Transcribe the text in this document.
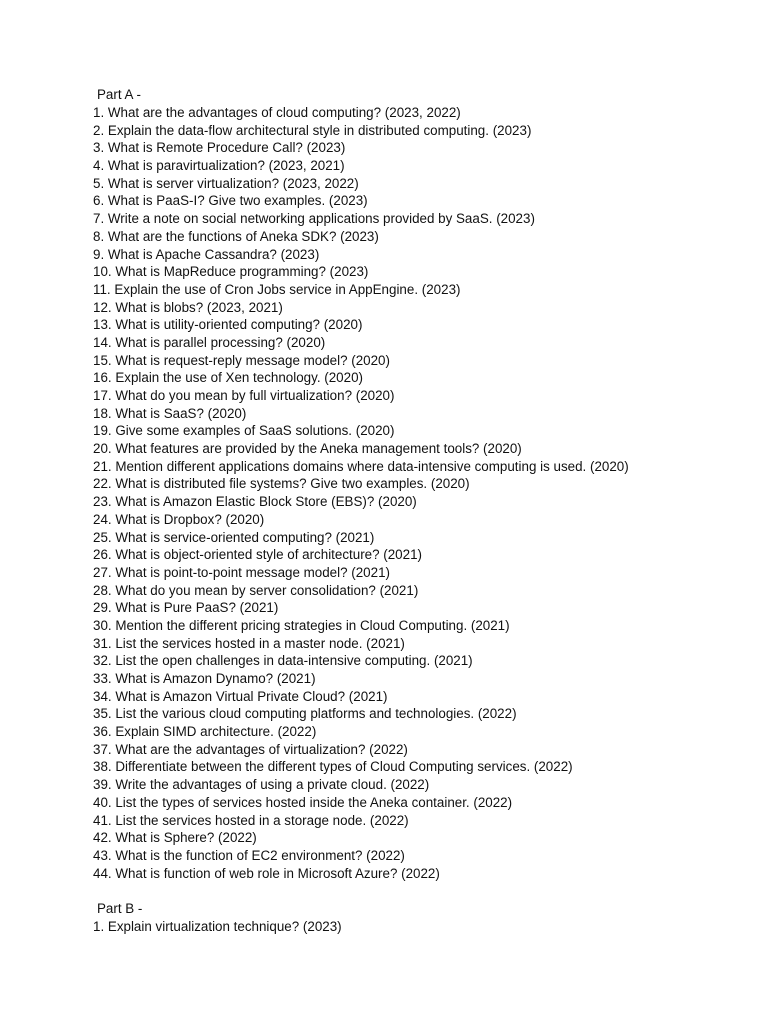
Part A -
1. What are the advantages of cloud computing? (2023, 2022)
2. Explain the data-flow architectural style in distributed computing. (2023)
3. What is Remote Procedure Call? (2023)
4. What is paravirtualization? (2023, 2021)
5. What is server virtualization? (2023, 2022)
6. What is PaaS-I? Give two examples. (2023)
7. Write a note on social networking applications provided by SaaS. (2023)
8. What are the functions of Aneka SDK? (2023)
9. What is Apache Cassandra? (2023)
10. What is MapReduce programming? (2023)
11. Explain the use of Cron Jobs service in AppEngine. (2023)
12. What is blobs? (2023, 2021)
13. What is utility-oriented computing? (2020)
14. What is parallel processing? (2020)
15. What is request-reply message model? (2020)
16. Explain the use of Xen technology. (2020)
17. What do you mean by full virtualization? (2020)
18. What is SaaS? (2020)
19. Give some examples of SaaS solutions. (2020)
20. What features are provided by the Aneka management tools? (2020)
21. Mention different applications domains where data-intensive computing is used. (2020)
22. What is distributed file systems? Give two examples. (2020)
23. What is Amazon Elastic Block Store (EBS)? (2020)
24. What is Dropbox? (2020)
25. What is service-oriented computing? (2021)
26. What is object-oriented style of architecture? (2021)
27. What is point-to-point message model? (2021)
28. What do you mean by server consolidation? (2021)
29. What is Pure PaaS? (2021)
30. Mention the different pricing strategies in Cloud Computing. (2021)
31. List the services hosted in a master node. (2021)
32. List the open challenges in data-intensive computing. (2021)
33. What is Amazon Dynamo? (2021)
34. What is Amazon Virtual Private Cloud? (2021)
35. List the various cloud computing platforms and technologies. (2022)
36. Explain SIMD architecture. (2022)
37. What are the advantages of virtualization? (2022)
38. Differentiate between the different types of Cloud Computing services. (2022)
39. Write the advantages of using a private cloud. (2022)
40. List the types of services hosted inside the Aneka container. (2022)
41. List the services hosted in a storage node. (2022)
42. What is Sphere? (2022)
43. What is the function of EC2 environment? (2022)
44. What is function of web role in Microsoft Azure? (2022)
Part B -
1. Explain virtualization technique? (2023)
